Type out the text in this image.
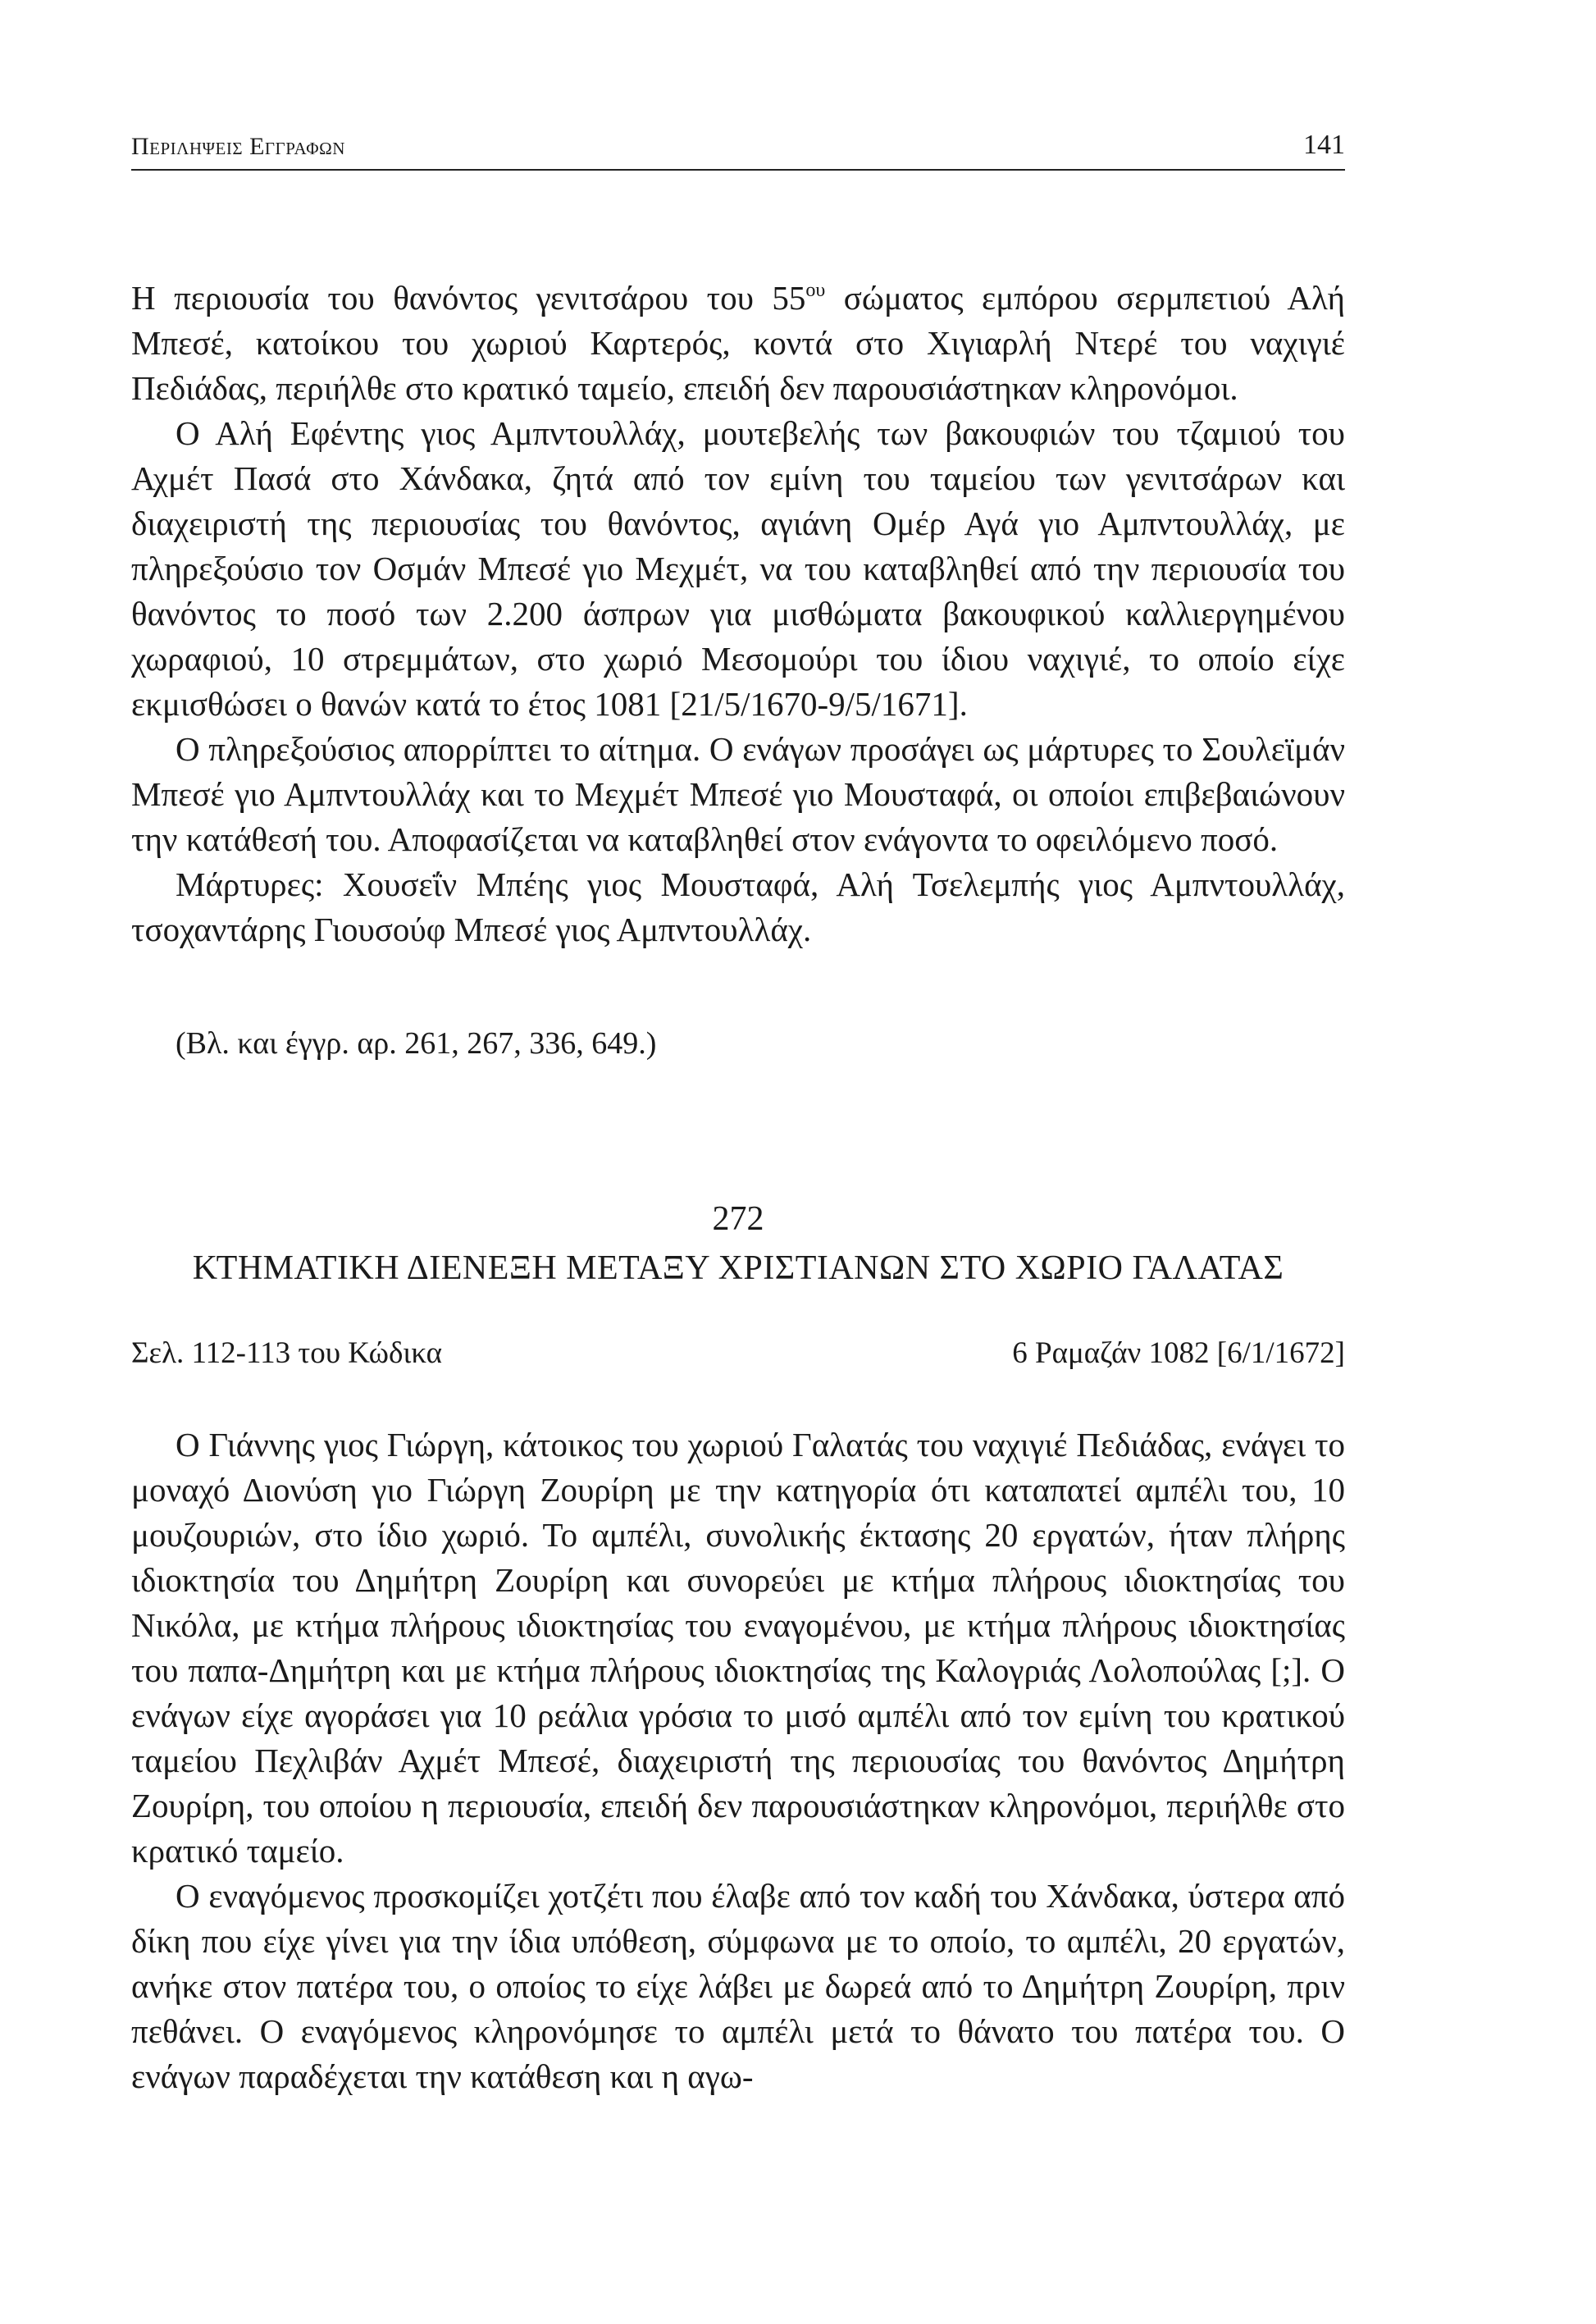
Περιληψεις Εγγραφων	141

Η περιουσία του θανόντος γενιτσάρου του $55^{o\upsilon}$ σώματος εμπόρου σερμπετιού Αλή Μπεσέ, κατοίκου του χωριού Καρτερός, κοντά στο Χιγιαρλή Ντερέ του ναχιγιέ Πεδιάδας, περιήλθε στο κρατικό ταμείο, επειδή δεν παρουσιάστηκαν κληρονόμοι.

Ο Αλή Εφέντης γιος Αμπντουλλάχ, μουτεβελής των βακουφιών του τζαμιού του Αχμέτ Πασά στο Χάνδακα, ζητά από τον εμίνη του ταμείου των γενιτσάρων και διαχειριστή της περιουσίας του θανόντος, αγιάνη Ομέρ Αγά γιο Αμπντουλλάχ, με πληρεξούσιο τον Οσμάν Μπεσέ γιο Μεχμέτ, να του καταβληθεί από την περιουσία του θανόντος το ποσό των 2.200 άσπρων για μισθώματα βακουφικού καλλιεργημένου χωραφιού, 10 στρεμμάτων, στο χωριό Μεσομούρι του ίδιου ναχιγιέ, το οποίο είχε εκμισθώσει ο θανών κατά το έτος 1081 [21/5/1670-9/5/1671].

Ο πληρεξούσιος απορρίπτει το αίτημα. Ο ενάγων προσάγει ως μάρτυρες το Σουλεϊμάν Μπεσέ γιο Αμπντουλλάχ και το Μεχμέτ Μπεσέ γιο Μουσταφά, οι οποίοι επιβεβαιώνουν την κατάθεσή του. Αποφασίζεται να καταβληθεί στον ενάγοντα το οφειλόμενο ποσό.

Μάρτυρες: Χουσεΐν Μπέης γιος Μουσταφά, Αλή Τσελεμπής γιος Αμπντουλλάχ, τσοχαντάρης Γιουσούφ Μπεσέ γιος Αμπντουλλάχ.

(Βλ. και έγγρ. αρ. 261, 267, 336, 649.)
272
ΚΤΗΜΑΤΙΚΗ ΔΙΕΝΕΞΗ ΜΕΤΑΞΥ ΧΡΙΣΤΙΑΝΩΝ ΣΤΟ ΧΩΡΙΟ ΓΑΛΑΤΑΣ
Σελ. 112-113 του Κώδικα	6 Ραμαζάν 1082 [6/1/1672]

Ο Γιάννης γιος Γιώργη, κάτοικος του χωριού Γαλατάς του ναχιγιέ Πεδιάδας, ενάγει το μοναχό Διονύση γιο Γιώργη Ζουρίρη με την κατηγορία ότι καταπατεί αμπέλι του, 10 μουζουριών, στο ίδιο χωριό. Το αμπέλι, συνολικής έκτασης 20 εργατών, ήταν πλήρης ιδιοκτησία του Δημήτρη Ζουρίρη και συνορεύει με κτήμα πλήρους ιδιοκτησίας του Νικόλα, με κτήμα πλήρους ιδιοκτησίας του εναγομένου, με κτήμα πλήρους ιδιοκτησίας του παπα-Δημήτρη και με κτήμα πλήρους ιδιοκτησίας της Καλογριάς Λολοπούλας [;]. Ο ενάγων είχε αγοράσει για 10 ρεάλια γρόσια το μισό αμπέλι από τον εμίνη του κρατικού ταμείου Πεχλιβάν Αχμέτ Μπεσέ, διαχειριστή της περιουσίας του θανόντος Δημήτρη Ζουρίρη, του οποίου η περιουσία, επειδή δεν παρουσιάστηκαν κληρονόμοι, περιήλθε στο κρατικό ταμείο.

Ο εναγόμενος προσκομίζει χοτζέτι που έλαβε από τον καδή του Χάνδακα, ύστερα από δίκη που είχε γίνει για την ίδια υπόθεση, σύμφωνα με το οποίο, το αμπέλι, 20 εργατών, ανήκε στον πατέρα του, ο οποίος το είχε λάβει με δωρεά από το Δημήτρη Ζουρίρη, πριν πεθάνει. Ο εναγόμενος κληρονόμησε το αμπέλι μετά το θάνατο του πατέρα του. Ο ενάγων παραδέχεται την κατάθεση και η αγω-
